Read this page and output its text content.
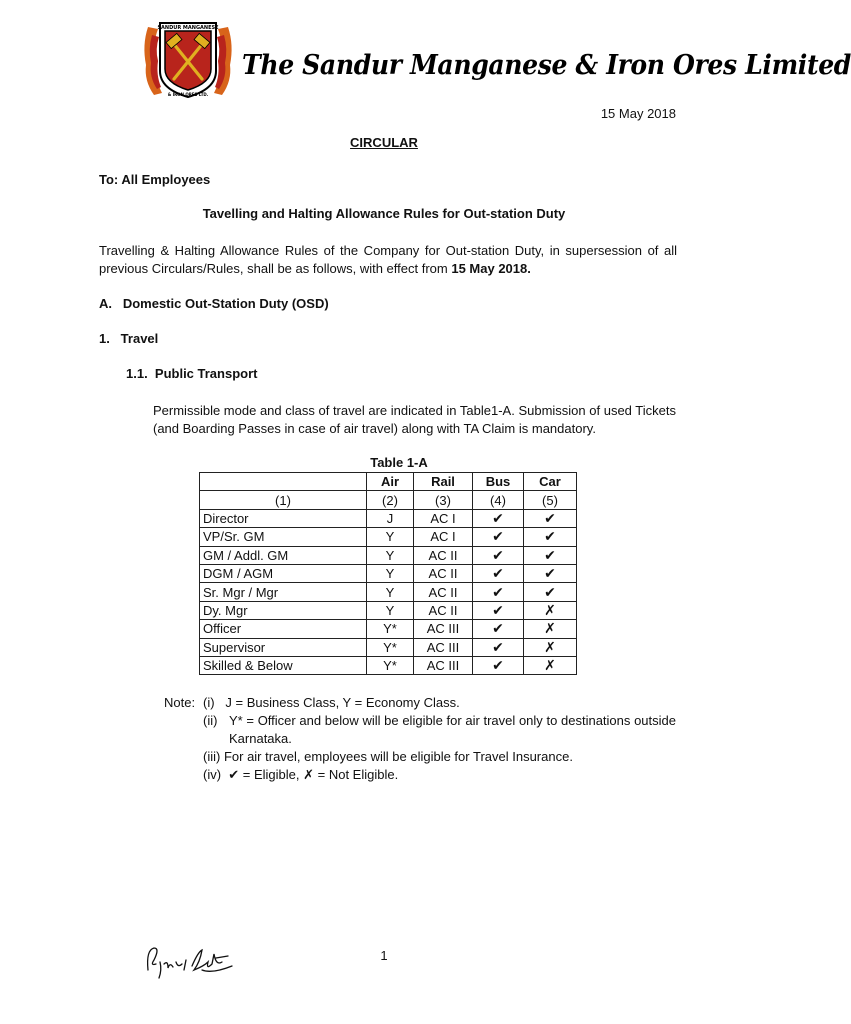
SANDUR MANGANESE
& IRON ORES LTD.
The Sandur Manganese & Iron Ores Limited
15 May 2018
CIRCULAR
To: All Employees
Tavelling and Halting Allowance Rules for Out-station Duty
Travelling & Halting Allowance Rules of the Company for Out-station Duty, in supersession of all previous Circulars/Rules, shall be as follows, with effect from 15 May 2018.
A.   Domestic Out-Station Duty (OSD)
1.   Travel
1.1.  Public Transport
Permissible mode and class of travel are indicated in Table1-A. Submission of used Tickets (and Boarding Passes in case of air travel) along with TA Claim is mandatory.
Table 1-A
	Air	Rail	Bus	Car
(1)	(2)	(3)	(4)	(5)
Director	J	AC I	✔	✔
VP/Sr. GM	Y	AC I	✔	✔
GM / Addl. GM	Y	AC II	✔	✔
DGM / AGM	Y	AC II	✔	✔
Sr. Mgr / Mgr	Y	AC II	✔	✔
Dy. Mgr	Y	AC II	✔	✗
Officer	Y*	AC III	✔	✗
Supervisor	Y*	AC III	✔	✗
Skilled & Below	Y*	AC III	✔	✗
Note: (i) J = Business Class, Y = Economy Class.
(ii) Y* = Officer and below will be eligible for air travel only to destinations outside Karnataka.
(iii) For air travel, employees will be eligible for Travel Insurance.
(iv) ✔ = Eligible, ✗ = Not Eligible.
1
